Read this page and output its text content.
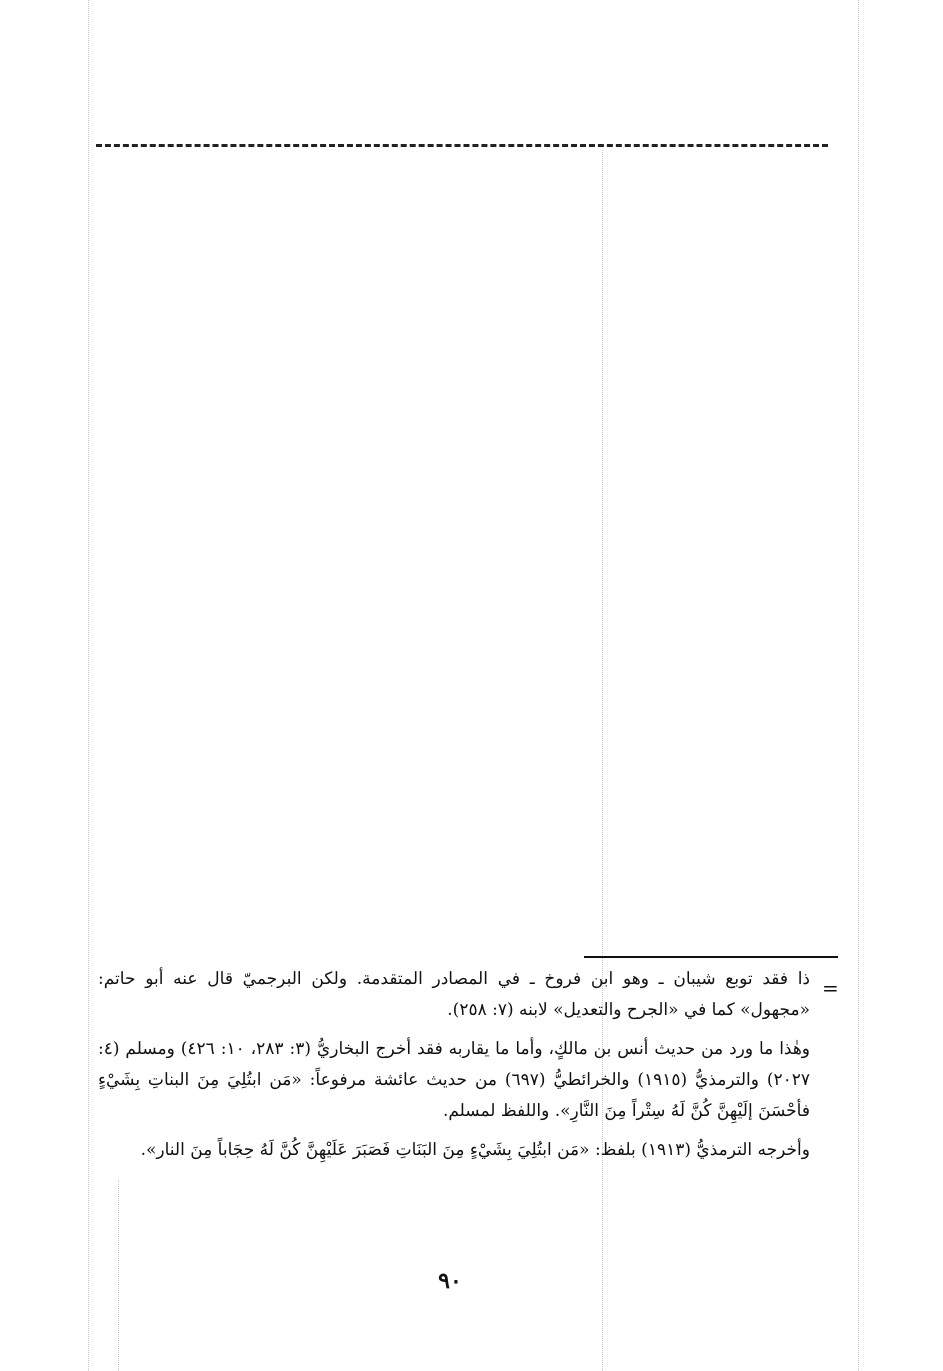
=

ذا فقد توبع شيبان ـ وهو ابن فروخ ـ في المصادر المتقدمة. ولكن البرجميّ قال عنه أبو حاتم: «مجهول» كما في «الجرح والتعديل» لابنه (٧: ٢٥٨).

وهٰذا ما ورد من حديث أنس بن مالكٍ، وأما ما يقاربه فقد أخرج البخاريُّ (٣: ٢٨٣، ١٠: ٤٢٦) ومسلم (٤: ٢٠٢٧) والترمذيُّ (١٩١٥) والخرائطيُّ (٦٩٧) من حديث عائشة مرفوعاً: «مَن ابتُلِيَ مِنَ البناتِ بِشَيْءٍ فأحْسَنَ إلَيْهِنَّ كُنَّ لَهُ سِتْراً مِنَ النَّارِ». واللفظ لمسلم.

وأخرجه الترمذيُّ (١٩١٣) بلفظ: «مَن ابتُلِيَ بِشَيْءٍ مِنَ البَنَاتِ فَصَبَرَ عَلَيْهِنَّ كُنَّ لَهُ حِجَاباً مِنَ النار».

٩٠
